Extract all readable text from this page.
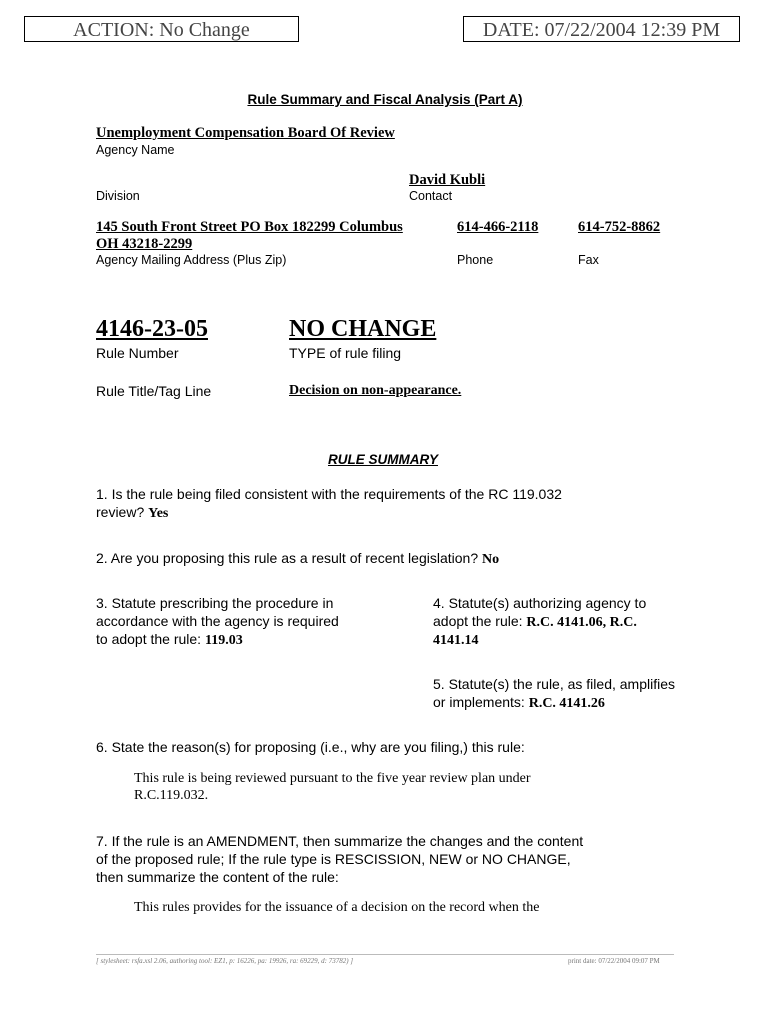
ACTION: No Change	DATE: 07/22/2004 12:39 PM
Rule Summary and Fiscal Analysis (Part A)
Unemployment Compensation Board Of Review
Agency Name
David Kubli
Division	Contact
145 South Front Street PO Box 182299 Columbus
OH 43218-2299
614-466-2118	614-752-8862
Agency Mailing Address (Plus Zip)	Phone	Fax
4146-23-05	NO CHANGE
Rule Number	TYPE of rule filing
Rule Title/Tag Line	Decision on non-appearance.
RULE SUMMARY
1. Is the rule being filed consistent with the requirements of the RC 119.032
review? Yes
2. Are you proposing this rule as a result of recent legislation? No
3. Statute prescribing the procedure in
accordance with the agency is required
to adopt the rule: 119.03
4. Statute(s) authorizing agency to
adopt the rule: R.C. 4141.06, R.C.
4141.14
5. Statute(s) the rule, as filed, amplifies
or implements: R.C. 4141.26
6. State the reason(s) for proposing (i.e., why are you filing,) this rule:
This rule is being reviewed pursuant to the five year review plan under
R.C.119.032.
7. If the rule is an AMENDMENT, then summarize the changes and the content
of the proposed rule; If the rule type is RESCISSION, NEW or NO CHANGE,
then summarize the content of the rule:
This rules provides for the issuance of a decision on the record when the
[ stylesheet: rsfa.xsl 2.06, authoring tool: EZ1, p: 16226, pa: 19926, ra: 69229, d: 73782) ]	print date: 07/22/2004 09:07 PM
